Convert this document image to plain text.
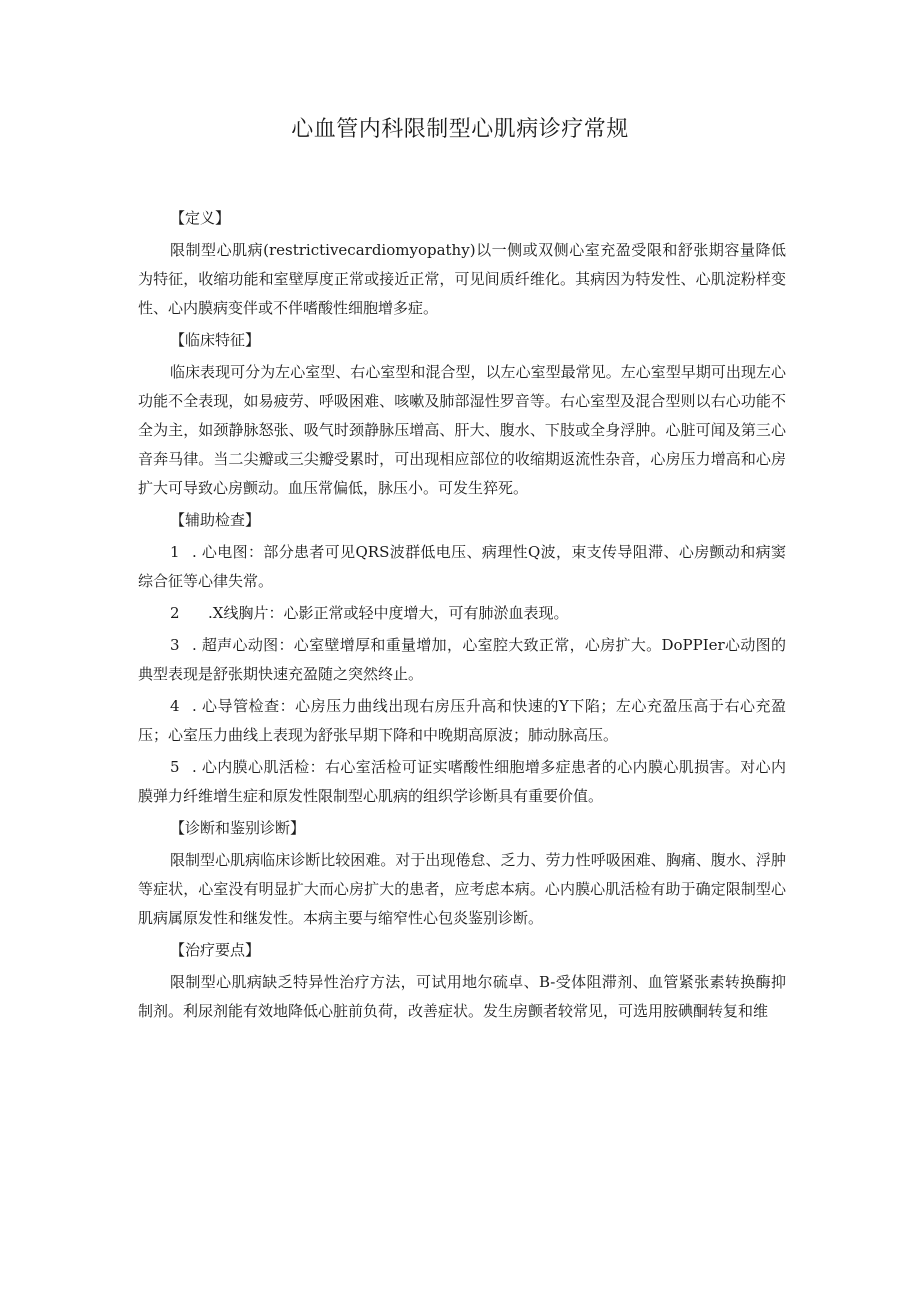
心血管内科限制型心肌病诊疗常规

【定义】

限制型心肌病(restrictivecardiomyopathy)以一侧或双侧心室充盈受限和舒张期容量降低为特征，收缩功能和室壁厚度正常或接近正常，可见间质纤维化。其病因为特发性、心肌淀粉样变性、心内膜病变伴或不伴嗜酸性细胞增多症。

【临床特征】

临床表现可分为左心室型、右心室型和混合型，以左心室型最常见。左心室型早期可出现左心功能不全表现，如易疲劳、呼吸困难、咳嗽及肺部湿性罗音等。右心室型及混合型则以右心功能不全为主，如颈静脉怒张、吸气时颈静脉压增高、肝大、腹水、下肢或全身浮肿。心脏可闻及第三心音奔马律。当二尖瓣或三尖瓣受累时，可出现相应部位的收缩期返流性杂音，心房压力增高和心房扩大可导致心房颤动。血压常偏低，脉压小。可发生猝死。

【辅助检查】

1 . 心电图：部分患者可见QRS波群低电压、病理性Q波，束支传导阻滞、心房颤动和病窦综合征等心律失常。

2 .X线胸片：心影正常或轻中度增大，可有肺淤血表现。

3 . 超声心动图：心室壁增厚和重量增加，心室腔大致正常，心房扩大。DoPPIer心动图的典型表现是舒张期快速充盈随之突然终止。

4 . 心导管检查：心房压力曲线出现右房压升高和快速的Y下陷；左心充盈压高于右心充盈压；心室压力曲线上表现为舒张早期下降和中晚期高原波；肺动脉高压。

5 . 心内膜心肌活检：右心室活检可证实嗜酸性细胞增多症患者的心内膜心肌损害。对心内膜弹力纤维增生症和原发性限制型心肌病的组织学诊断具有重要价值。

【诊断和鉴别诊断】

限制型心肌病临床诊断比较困难。对于出现倦怠、乏力、劳力性呼吸困难、胸痛、腹水、浮肿等症状，心室没有明显扩大而心房扩大的患者，应考虑本病。心内膜心肌活检有助于确定限制型心肌病属原发性和继发性。本病主要与缩窄性心包炎鉴别诊断。

【治疗要点】

限制型心肌病缺乏特异性治疗方法，可试用地尔硫卓、B-受体阻滞剂、血管紧张素转换酶抑制剂。利尿剂能有效地降低心脏前负荷，改善症状。发生房颤者较常见，可选用胺碘酮转复和维
